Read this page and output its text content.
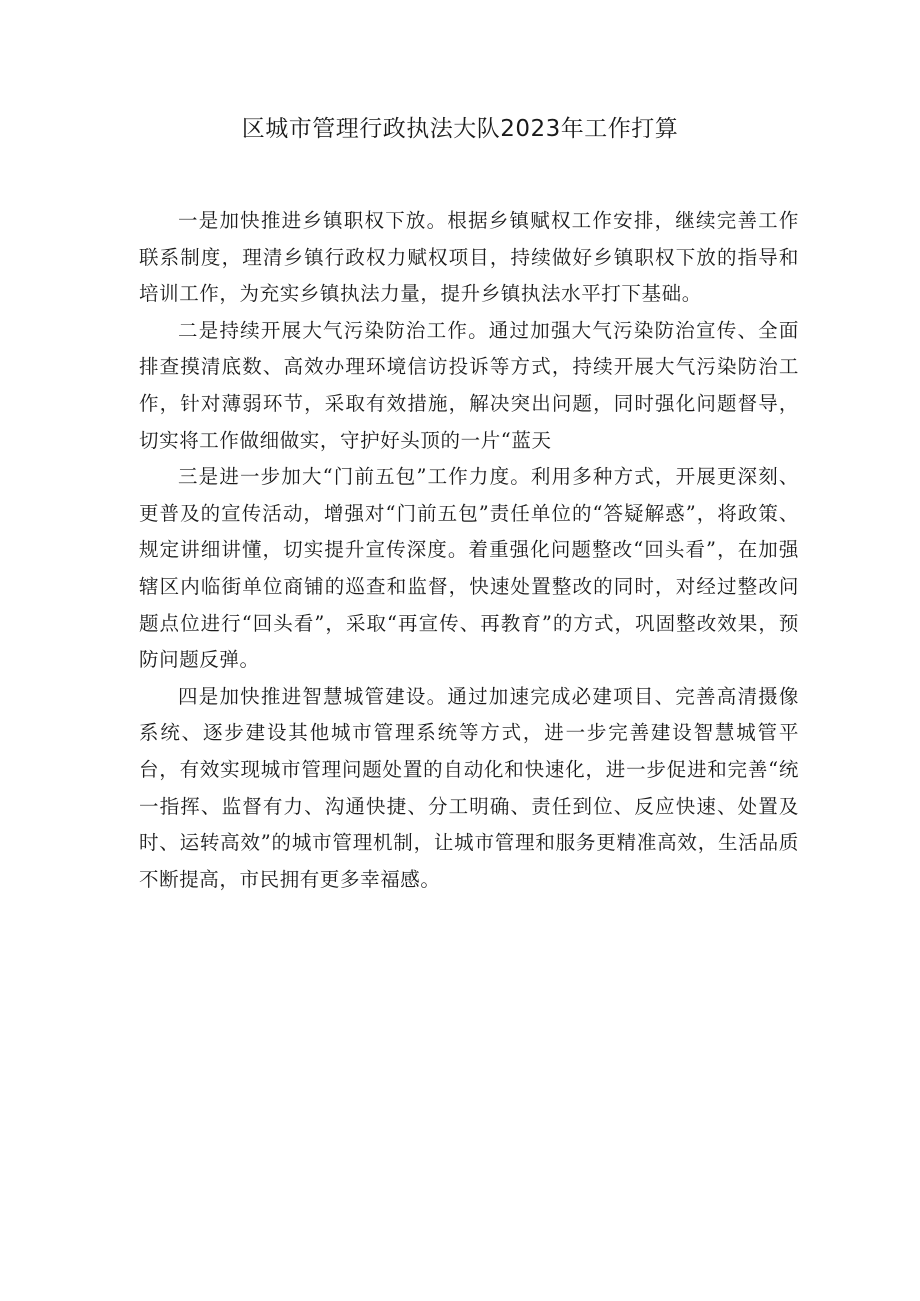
区城市管理行政执法大队2023年工作打算

一是加快推进乡镇职权下放。根据乡镇赋权工作安排，继续完善工作联系制度，理清乡镇行政权力赋权项目，持续做好乡镇职权下放的指导和培训工作，为充实乡镇执法力量，提升乡镇执法水平打下基础。

二是持续开展大气污染防治工作。通过加强大气污染防治宣传、全面排查摸清底数、高效办理环境信访投诉等方式，持续开展大气污染防治工作，针对薄弱环节，采取有效措施，解决突出问题，同时强化问题督导，切实将工作做细做实，守护好头顶的一片“蓝天

三是进一步加大“门前五包”工作力度。利用多种方式，开展更深刻、更普及的宣传活动，增强对“门前五包”责任单位的“答疑解惑”，将政策、规定讲细讲懂，切实提升宣传深度。着重强化问题整改“回头看”，在加强辖区内临街单位商铺的巡查和监督，快速处置整改的同时，对经过整改问题点位进行“回头看”，采取“再宣传、再教育”的方式，巩固整改效果，预防问题反弹。

四是加快推进智慧城管建设。通过加速完成必建项目、完善高清摄像系统、逐步建设其他城市管理系统等方式，进一步完善建设智慧城管平台，有效实现城市管理问题处置的自动化和快速化，进一步促进和完善“统一指挥、监督有力、沟通快捷、分工明确、责任到位、反应快速、处置及时、运转高效”的城市管理机制，让城市管理和服务更精准高效，生活品质不断提高，市民拥有更多幸福感。
